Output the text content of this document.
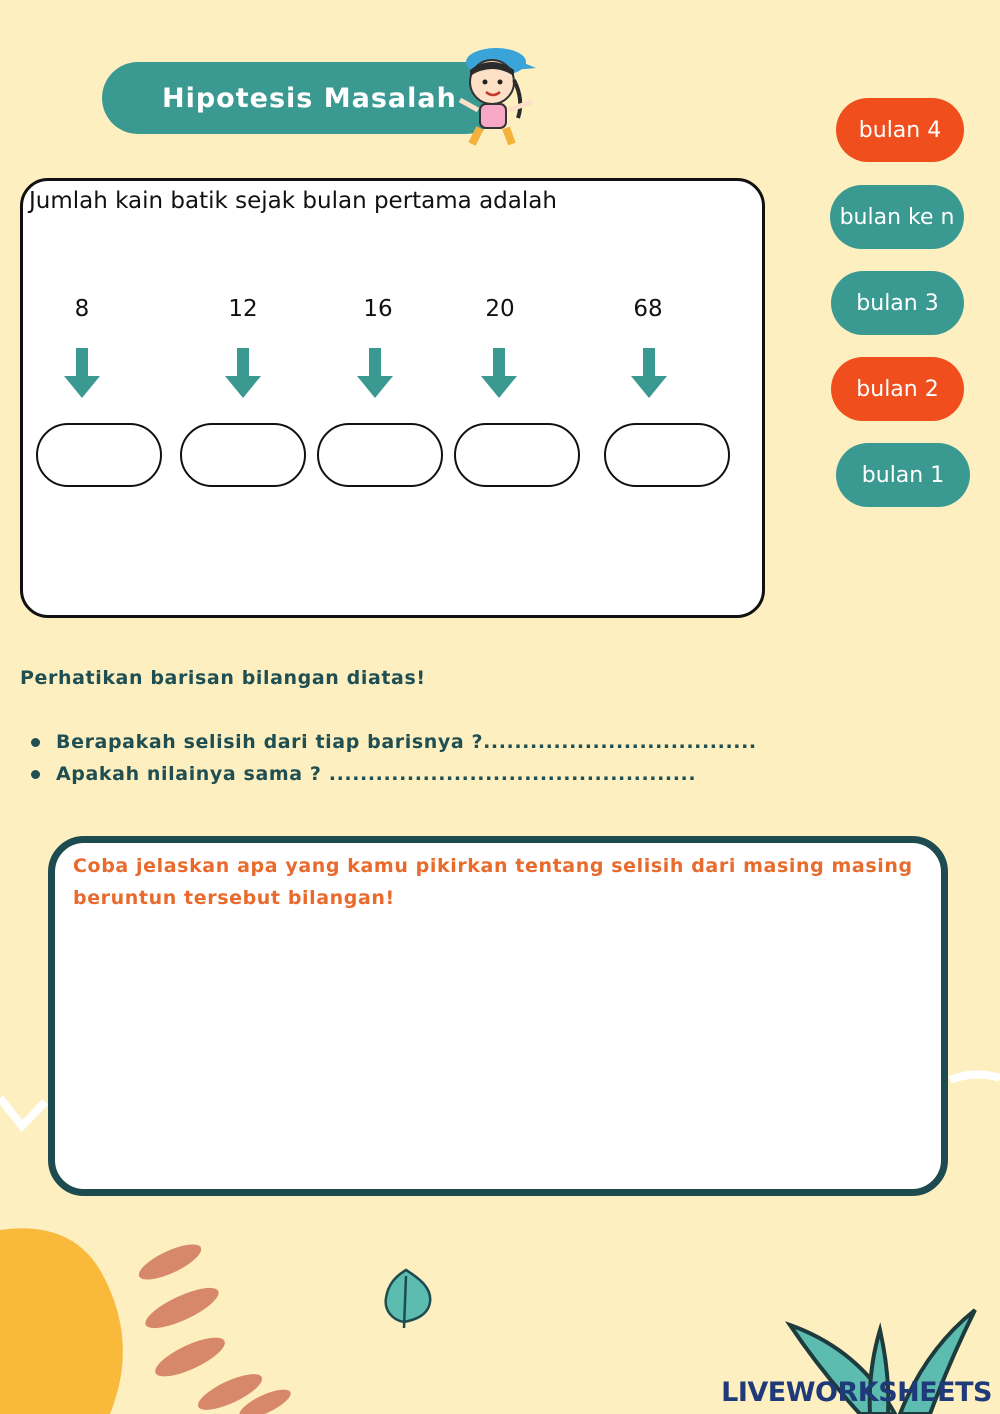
Hipotesis Masalah
Jumlah kain batik sejak bulan pertama adalah
8	12	16	20	68
bulan 4
bulan ke n
bulan 3
bulan 2
bulan 1
Perhatikan barisan bilangan diatas!
Berapakah selisih dari tiap barisnya ?...................................
Apakah nilainya sama ? ...............................................
Coba jelaskan apa yang kamu pikirkan tentang selisih dari masing masing beruntun tersebut bilangan!
LIVEWORKSHEETS
